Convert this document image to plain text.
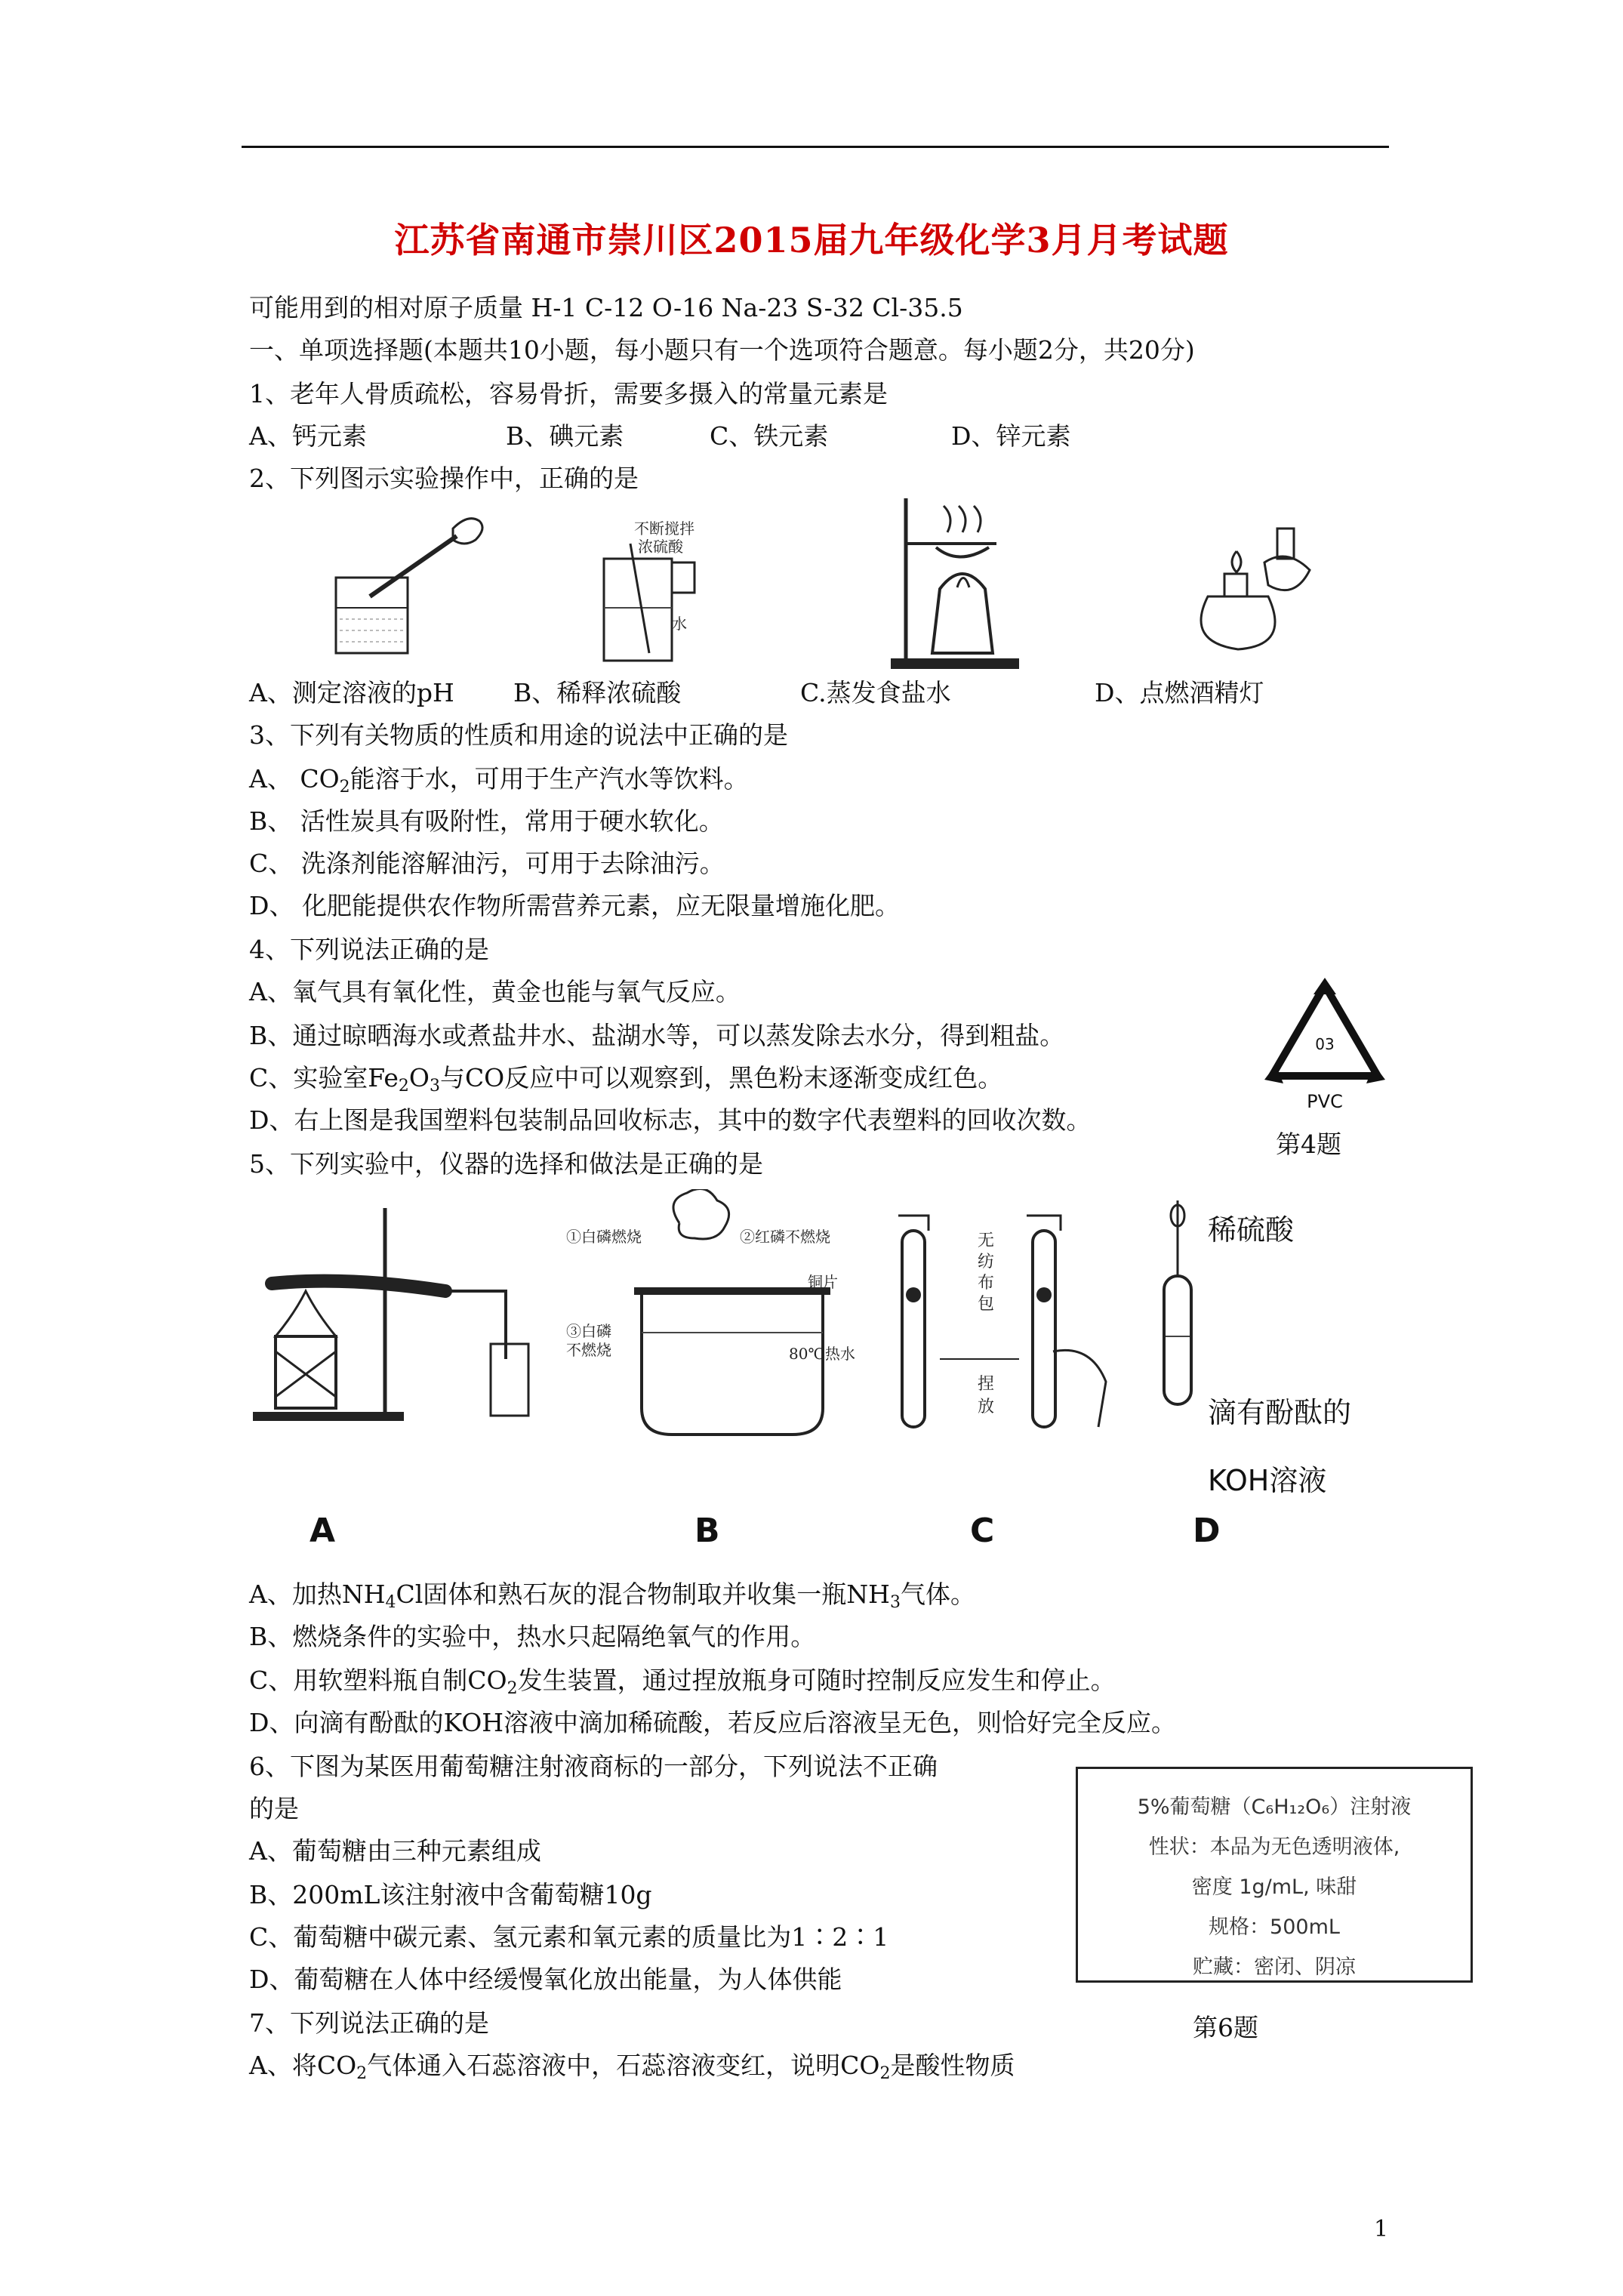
江苏省南通市崇川区2015届九年级化学3月月考试题
可能用到的相对原子质量 H-1 C-12 O-16 Na-23 S-32 Cl-35.5
一、单项选择题(本题共10小题，每小题只有一个选项符合题意。每小题2分，共20分)
1、老年人骨质疏松，容易骨折，需要多摄入的常量元素是
A、钙元素	B、碘元素	C、铁元素	D、锌元素
2、下列图示实验操作中，正确的是
不断搅拌
浓硫酸
水
A、测定溶液的pH B、稀释浓硫酸	C.蒸发食盐水	D、点燃酒精灯
3、下列有关物质的性质和用途的说法中正确的是
A、 $CO_2$能溶于水，可用于生产汽水等饮料。
B、 活性炭具有吸附性，常用于硬水软化。
C、 洗涤剂能溶解油污，可用于去除油污。
D、 化肥能提供农作物所需营养元素，应无限量增施化肥。
4、下列说法正确的是
A、氧气具有氧化性，黄金也能与氧气反应。
B、通过晾晒海水或煮盐井水、盐湖水等，可以蒸发除去水分，得到粗盐。
C、实验室$Fe_2O_3$与CO反应中可以观察到，黑色粉末逐渐变成红色。
D、右上图是我国塑料包装制品回收标志，其中的数字代表塑料的回收次数。
03
PVC
第4题
5、下列实验中，仪器的选择和做法是正确的是
①白磷燃烧	②红磷不燃烧
铜片
③白磷
不燃烧	80℃热水
无
纺
布
包
捏
放
稀硫酸
滴有酚酞的
KOH溶液
A	B	C	D
A、加热$NH_4Cl$固体和熟石灰的混合物制取并收集一瓶$NH_3$气体。
B、燃烧条件的实验中，热水只起隔绝氧气的作用。
C、用软塑料瓶自制$CO_2$发生装置，通过捏放瓶身可随时控制反应发生和停止。
D、向滴有酚酞的KOH溶液中滴加稀硫酸，若反应后溶液呈无色，则恰好完全反应。
6、下图为某医用葡萄糖注射液商标的一部分，下列说法不正确
的是
A、葡萄糖由三种元素组成
B、200mL该注射液中含葡萄糖10g
C、葡萄糖中碳元素、氢元素和氧元素的质量比为1∶2∶1
D、葡萄糖在人体中经缓慢氧化放出能量，为人体供能
5%葡萄糖（C₆H₁₂O₆）注射液
性状：本品为无色透明液体,
密度 1g/mL, 味甜
规格：500mL
贮藏：密闭、阴凉
第6题
7、下列说法正确的是
A、将$CO_2$气体通入石蕊溶液中，石蕊溶液变红，说明$CO_2$是酸性物质
1
